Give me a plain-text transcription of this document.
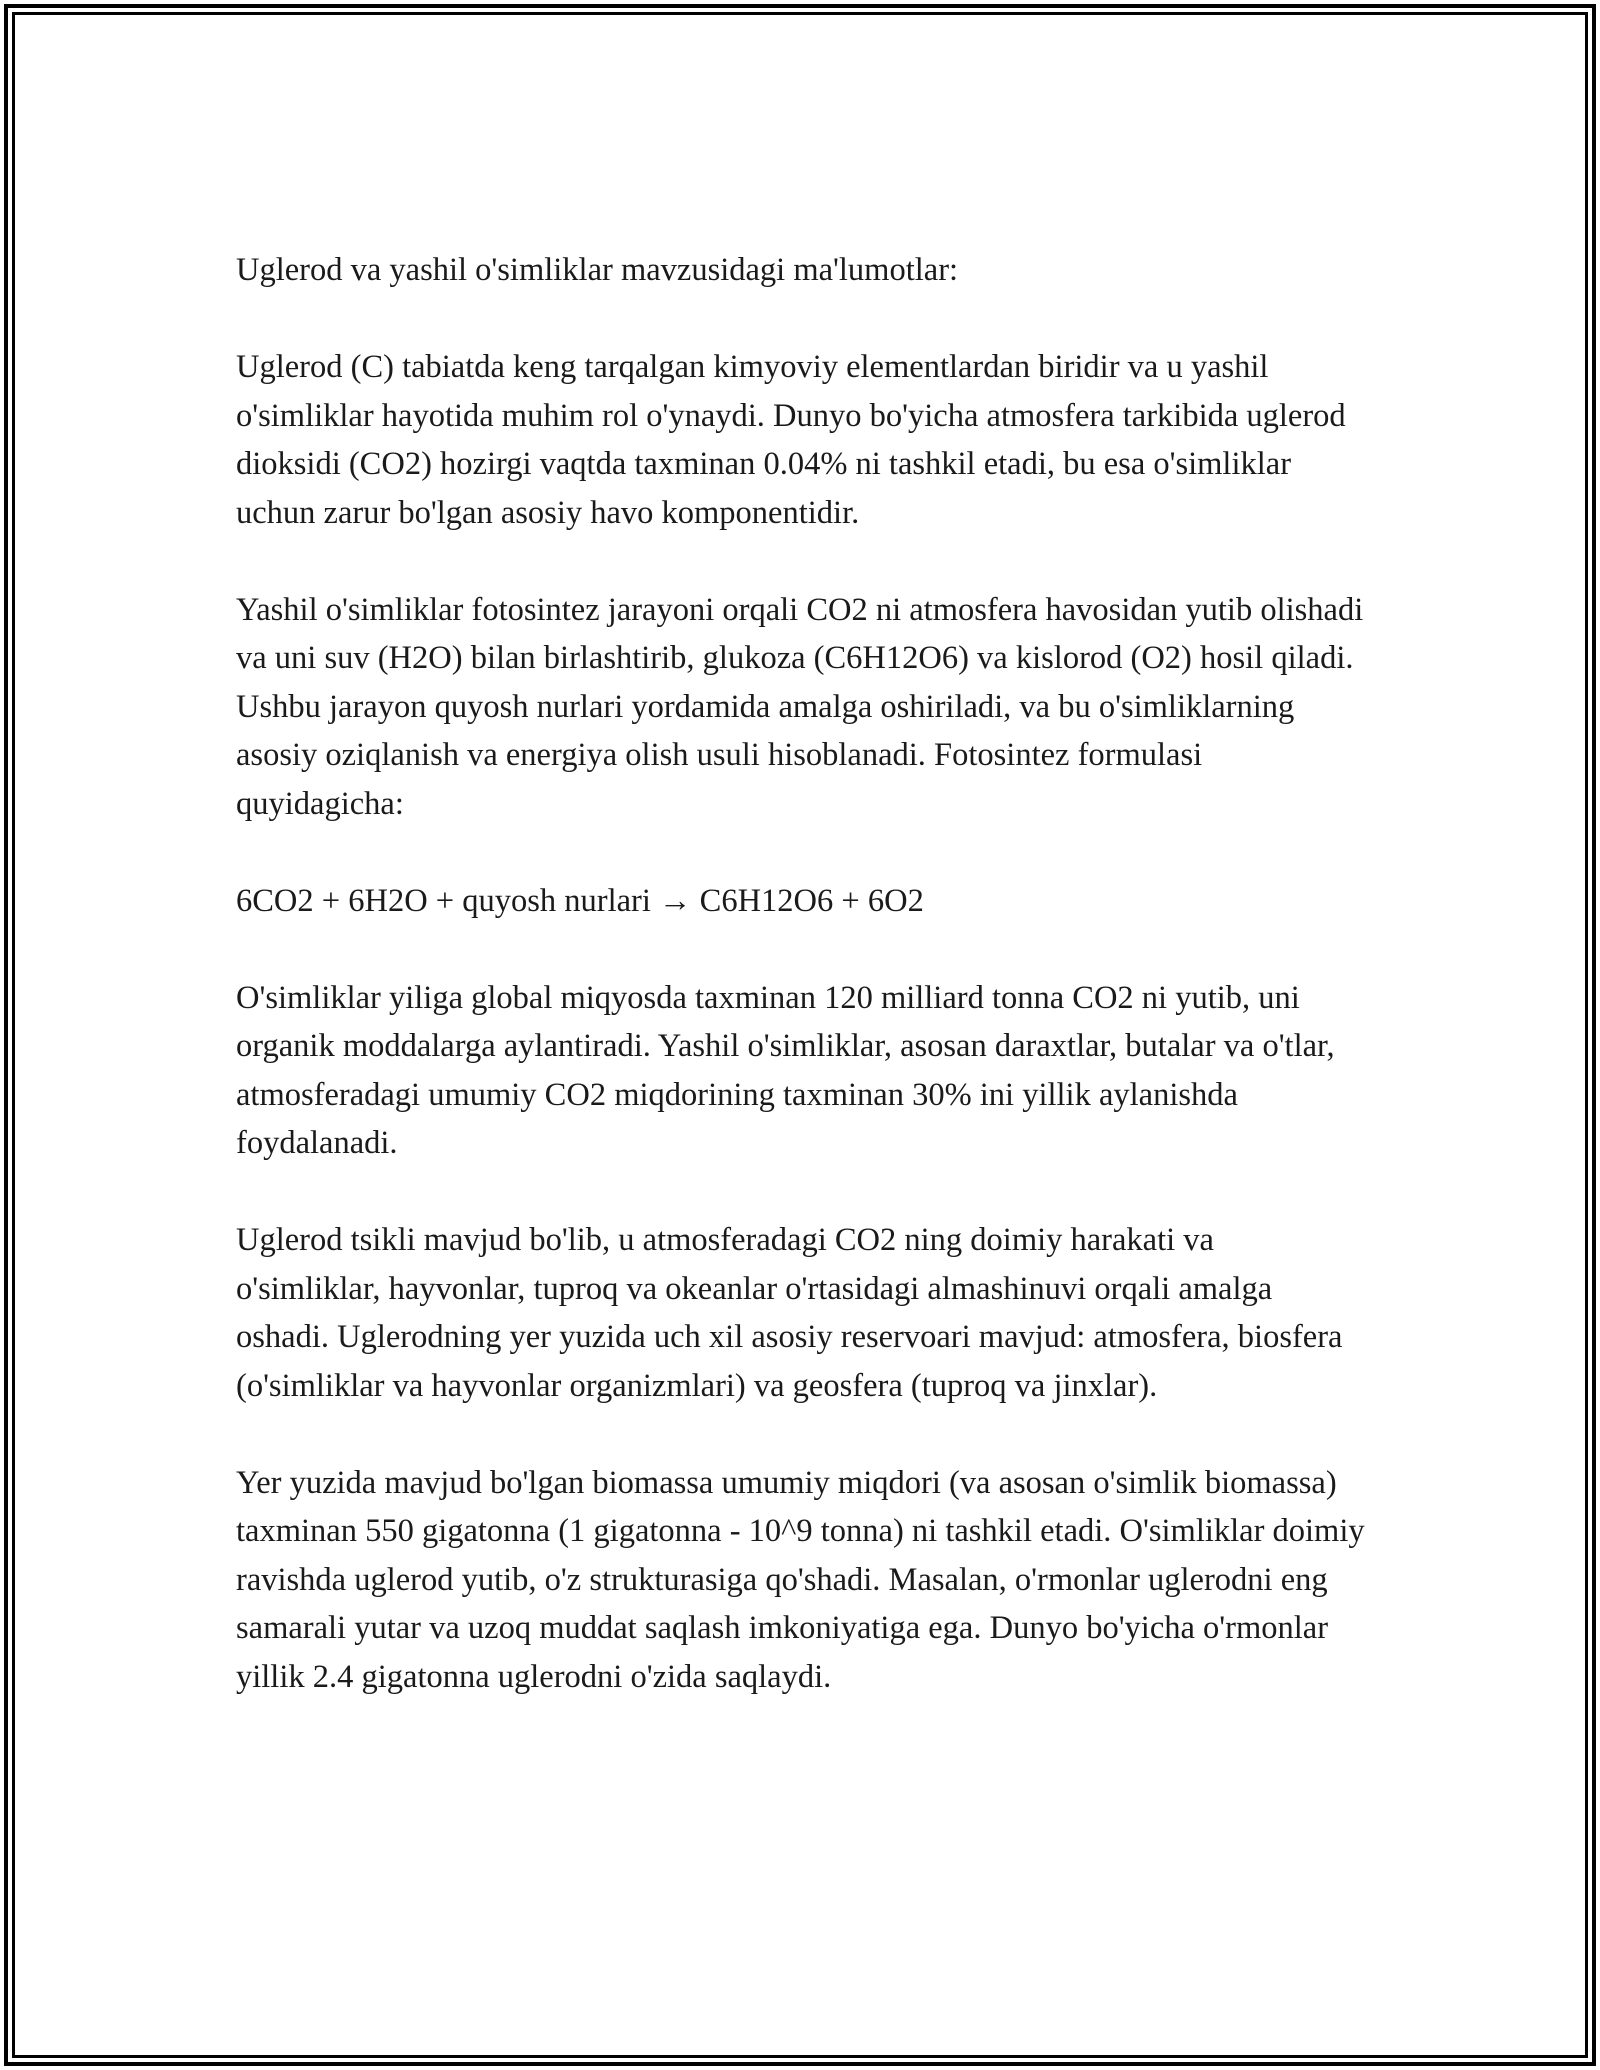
Uglerod va yashil o'simliklar mavzusidagi ma'lumotlar:

Uglerod (C) tabiatda keng tarqalgan kimyoviy elementlardan biridir va u yashil o'simliklar hayotida muhim rol o'ynaydi. Dunyo bo'yicha atmosfera tarkibida uglerod dioksidi (CO2) hozirgi vaqtda taxminan 0.04% ni tashkil etadi, bu esa o'simliklar uchun zarur bo'lgan asosiy havo komponentidir.

Yashil o'simliklar fotosintez jarayoni orqali CO2 ni atmosfera havosidan yutib olishadi va uni suv (H2O) bilan birlashtirib, glukoza (C6H12O6) va kislorod (O2) hosil qiladi. Ushbu jarayon quyosh nurlari yordamida amalga oshiriladi, va bu o'simliklarning asosiy oziqlanish va energiya olish usuli hisoblanadi. Fotosintez formulasi quyidagicha:

6CO2 + 6H2O + quyosh nurlari → C6H12O6 + 6O2

O'simliklar yiliga global miqyosda taxminan 120 milliard tonna CO2 ni yutib, uni organik moddalarga aylantiradi. Yashil o'simliklar, asosan daraxtlar, butalar va o'tlar, atmosferadagi umumiy CO2 miqdorining taxminan 30% ini yillik aylanishda foydalanadi.

Uglerod tsikli mavjud bo'lib, u atmosferadagi CO2 ning doimiy harakati va o'simliklar, hayvonlar, tuproq va okeanlar o'rtasidagi almashinuvi orqali amalga oshadi. Uglerodning yer yuzida uch xil asosiy reservoari mavjud: atmosfera, biosfera (o'simliklar va hayvonlar organizmlari) va geosfera (tuproq va jinxlar).

Yer yuzida mavjud bo'lgan biomassa umumiy miqdori (va asosan o'simlik biomassa) taxminan 550 gigatonna (1 gigatonna - 10^9 tonna) ni tashkil etadi. O'simliklar doimiy ravishda uglerod yutib, o'z strukturasiga qo'shadi. Masalan, o'rmonlar uglerodni eng samarali yutar va uzoq muddat saqlash imkoniyatiga ega. Dunyo bo'yicha o'rmonlar yillik 2.4 gigatonna uglerodni o'zida saqlaydi.
